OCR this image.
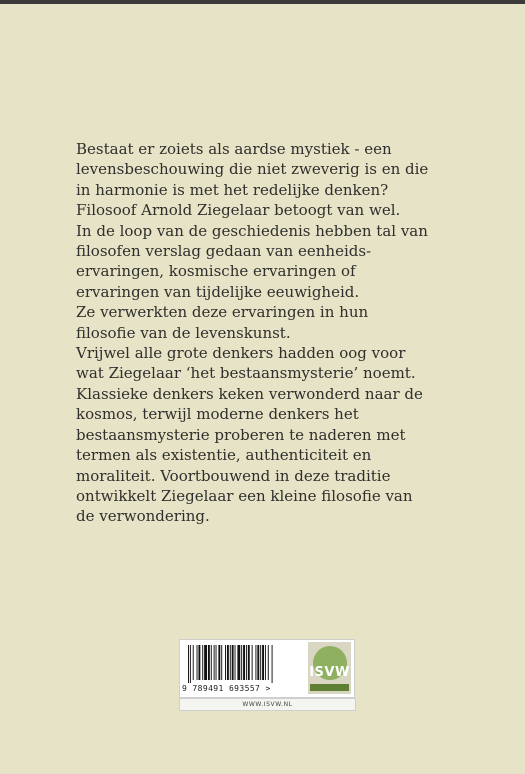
Bestaat er zoiets als aardse mystiek - een
levensbeschouwing die niet zweverig is en die
in harmonie is met het redelijke denken?
Filosoof Arnold Ziegelaar betoogt van wel.
In de loop van de geschiedenis hebben tal van
filosofen verslag gedaan van eenheids-
ervaringen, kosmische ervaringen of
ervaringen van tijdelijke eeuwigheid.
Ze verwerkten deze ervaringen in hun
filosofie van de levenskunst.
Vrijwel alle grote denkers hadden oog voor
wat Ziegelaar ‘het bestaansmysterie’ noemt.
Klassieke denkers keken verwonderd naar de
kosmos, terwijl moderne denkers het
bestaansmysterie proberen te naderen met
termen als existentie, authenticiteit en
moraliteit. Voortbouwend in deze traditie
ontwikkelt Ziegelaar een kleine filosofie van
de verwondering.
9 789491 693557 >
ISVW
WWW.ISVW.NL
